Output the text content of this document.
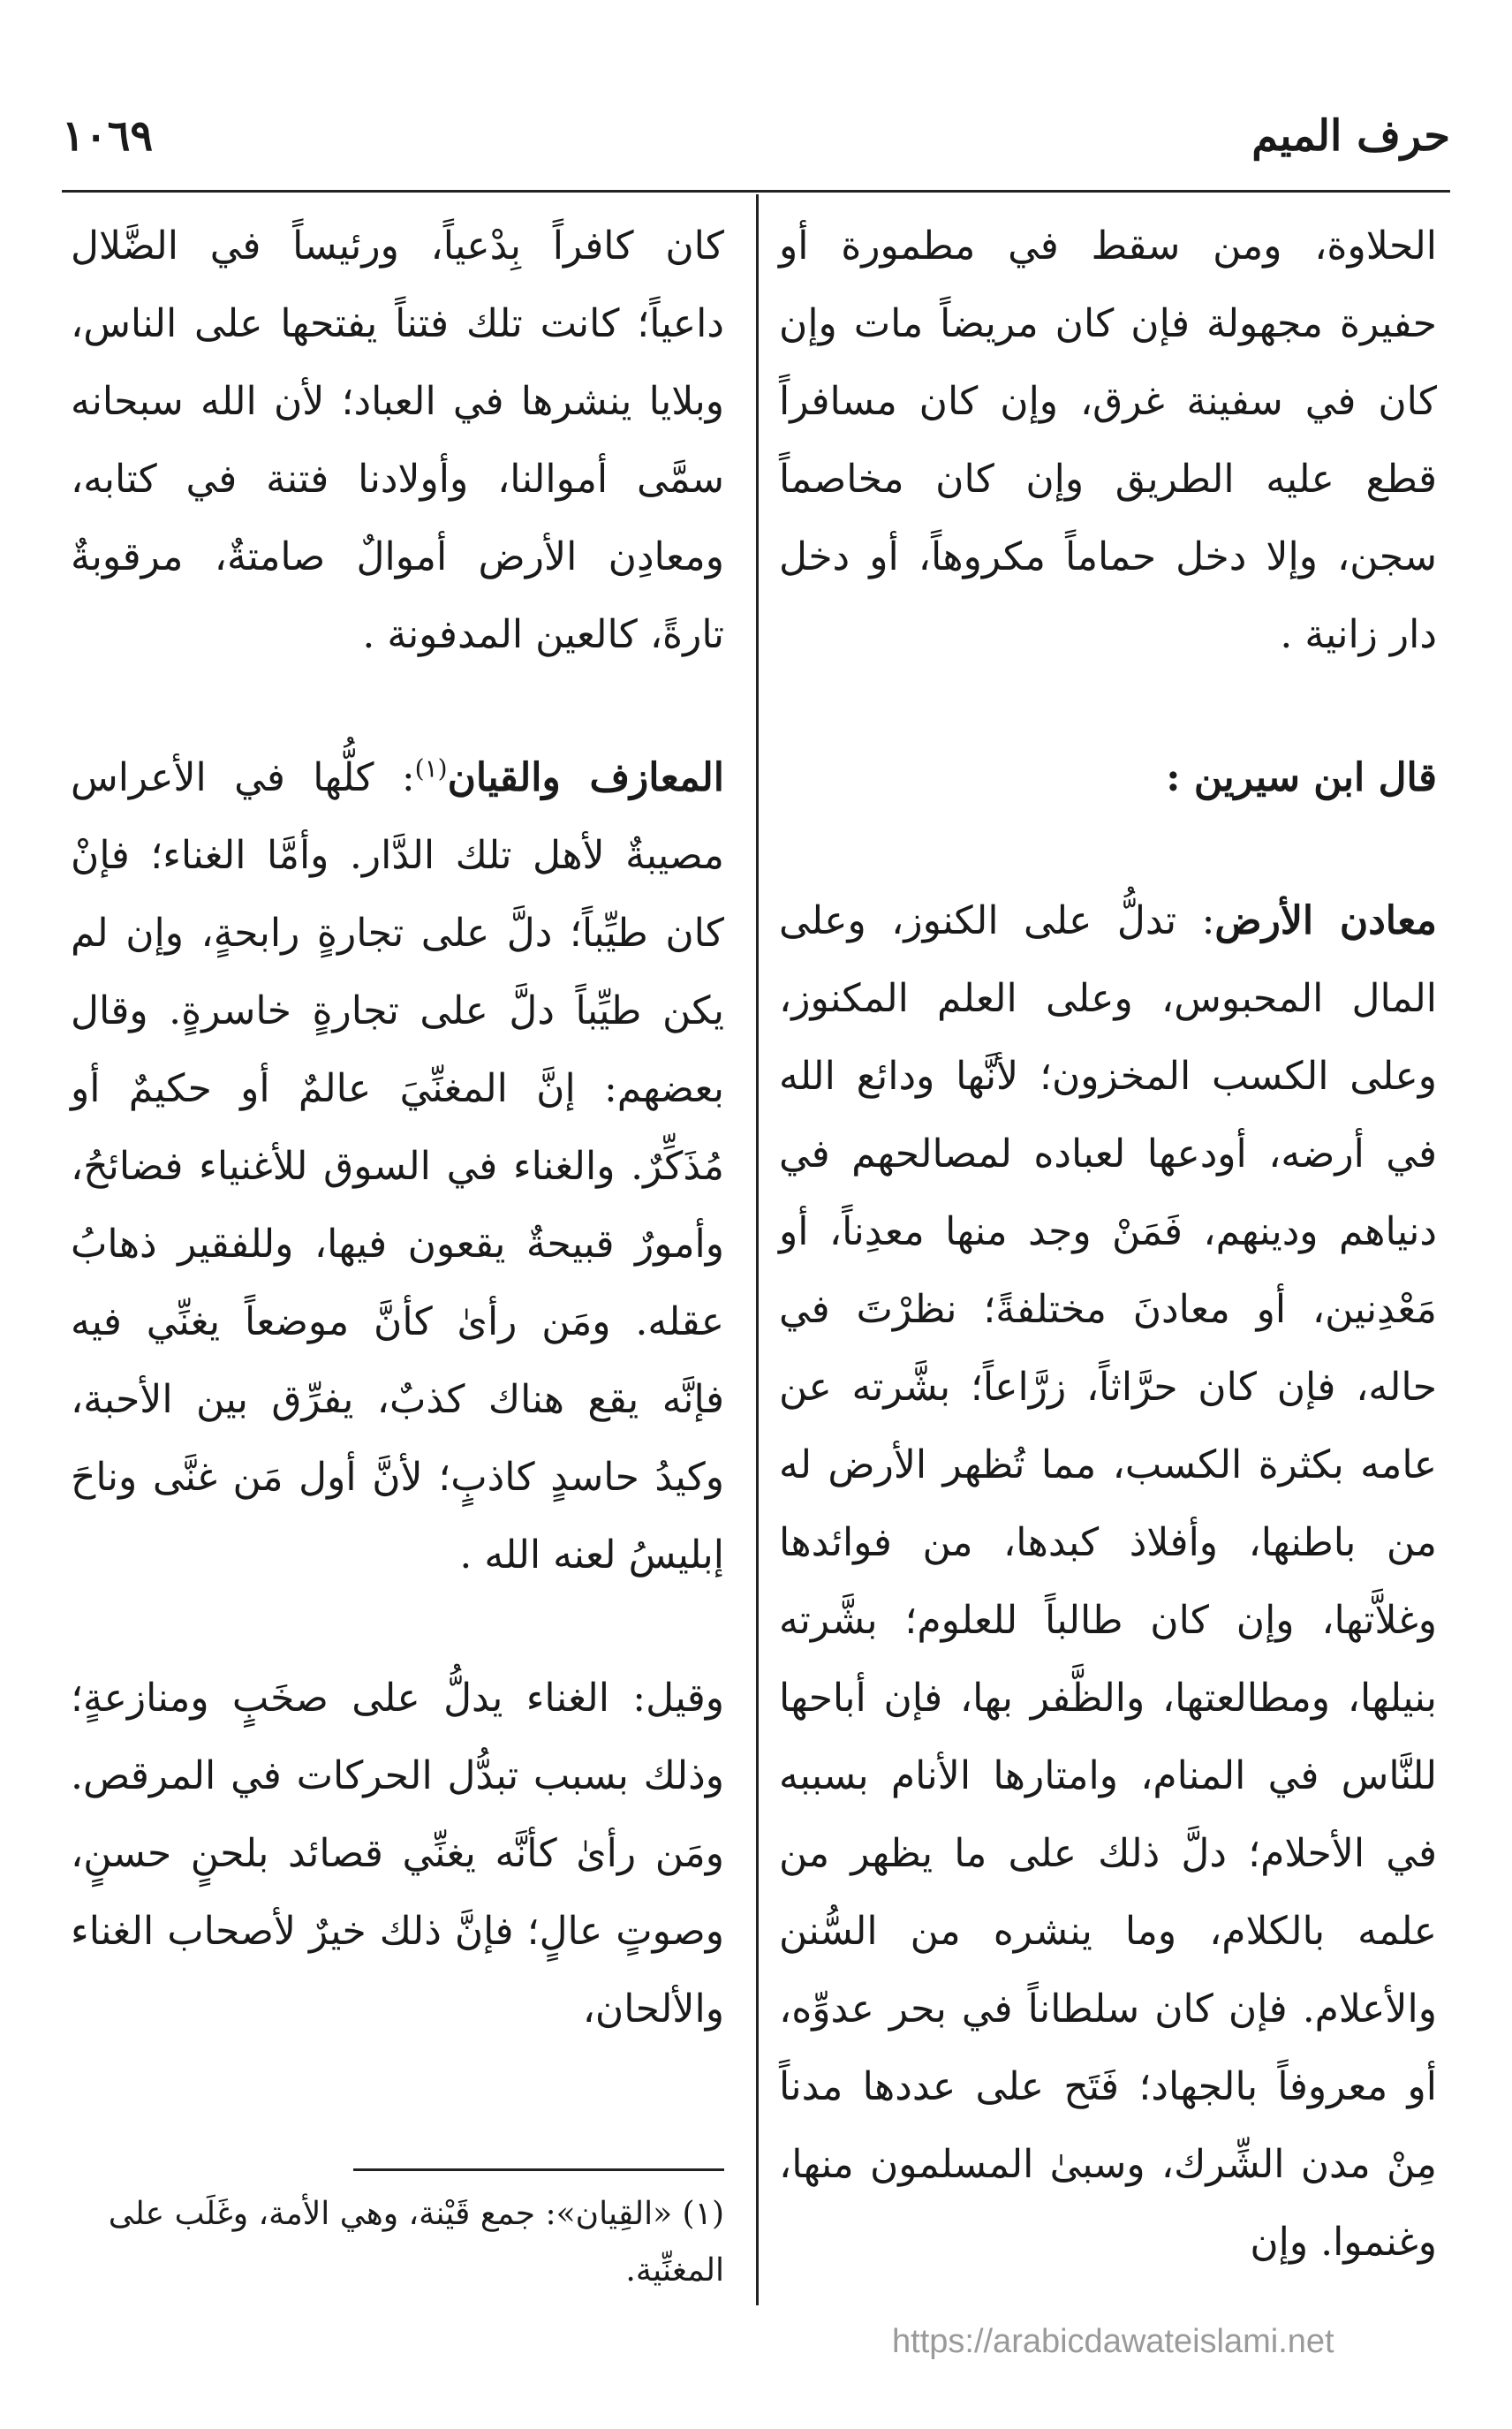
حرف الميم
١٠٦٩

الحلاوة، ومن سقط في مطمورة أو حفيرة مجهولة فإن كان مريضاً مات وإن كان في سفينة غرق، وإن كان مسافراً قطع عليه الطريق وإن كان مخاصماً سجن، وإلا دخل حماماً مكروهاً، أو دخل دار زانية .

قال ابن سيرين :

معادن الأرض: تدلُّ على الكنوز، وعلى المال المحبوس، وعلى العلم المكنوز، وعلى الكسب المخزون؛ لأنَّها ودائع الله في أرضه، أودعها لعباده لمصالحهم في دنياهم ودينهم، فَمَنْ وجد منها معدِناً، أو مَعْدِنين، أو معادنَ مختلفةً؛ نظرْتَ في حاله، فإن كان حرَّاثاً، زرَّاعاً؛ بشَّرته عن عامه بكثرة الكسب، مما تُظهر الأرض له من باطنها، وأفلاذ كبدها، من فوائدها وغلاَّتها، وإن كان طالباً للعلوم؛ بشَّرته بنيلها، ومطالعتها، والظَّفر بها، فإن أباحها للنَّاس في المنام، وامتارها الأنام بسببه في الأحلام؛ دلَّ ذلك على ما يظهر من علمه بالكلام، وما ينشره من السُّنن والأعلام. فإن كان سلطاناً في بحر عدوِّه، أو معروفاً بالجهاد؛ فَتَح على عددها مدناً مِنْ مدن الشِّرك، وسبىٰ المسلمون منها، وغنموا. وإن

كان كافراً بِدْعياً، ورئيساً في الضَّلال داعياً؛ كانت تلك فتناً يفتحها على الناس، وبلايا ينشرها في العباد؛ لأن الله سبحانه سمَّى أموالنا، وأولادنا فتنة في كتابه، ومعادِن الأرض أموالٌ صامتةٌ، مرقوبةٌ تارةً، كالعين المدفونة .

المعازف والقيان$^{(١)}$: كلُّها في الأعراس مصيبةٌ لأهل تلك الدَّار. وأمَّا الغناء؛ فإنْ كان طيِّباً؛ دلَّ على تجارةٍ رابحةٍ، وإن لم يكن طيِّباً دلَّ على تجارةٍ خاسرةٍ. وقال بعضهم: إنَّ المغنِّيَ عالمٌ أو حكيمٌ أو مُذَكِّرٌ. والغناء في السوق للأغنياء فضائحُ، وأمورٌ قبيحةٌ يقعون فيها، وللفقير ذهابُ عقله. ومَن رأىٰ كأنَّ موضعاً يغنِّي فيه فإنَّه يقع هناك كذبٌ، يفرِّق بين الأحبة، وكيدُ حاسدٍ كاذبٍ؛ لأنَّ أول مَن غنَّى وناحَ إبليسُ لعنه الله .

وقيل: الغناء يدلُّ على صخَبٍ ومنازعةٍ؛ وذلك بسبب تبدُّل الحركات في المرقص. ومَن رأىٰ كأنَّه يغنِّي قصائد بلحنٍ حسنٍ، وصوتٍ عالٍ؛ فإنَّ ذلك خيرٌ لأصحاب الغناء والألحان،

(١) «القِيان»: جمع قَيْنة، وهي الأمة، وغَلَب على المغنِّية.
https://arabicdawateislami.net
